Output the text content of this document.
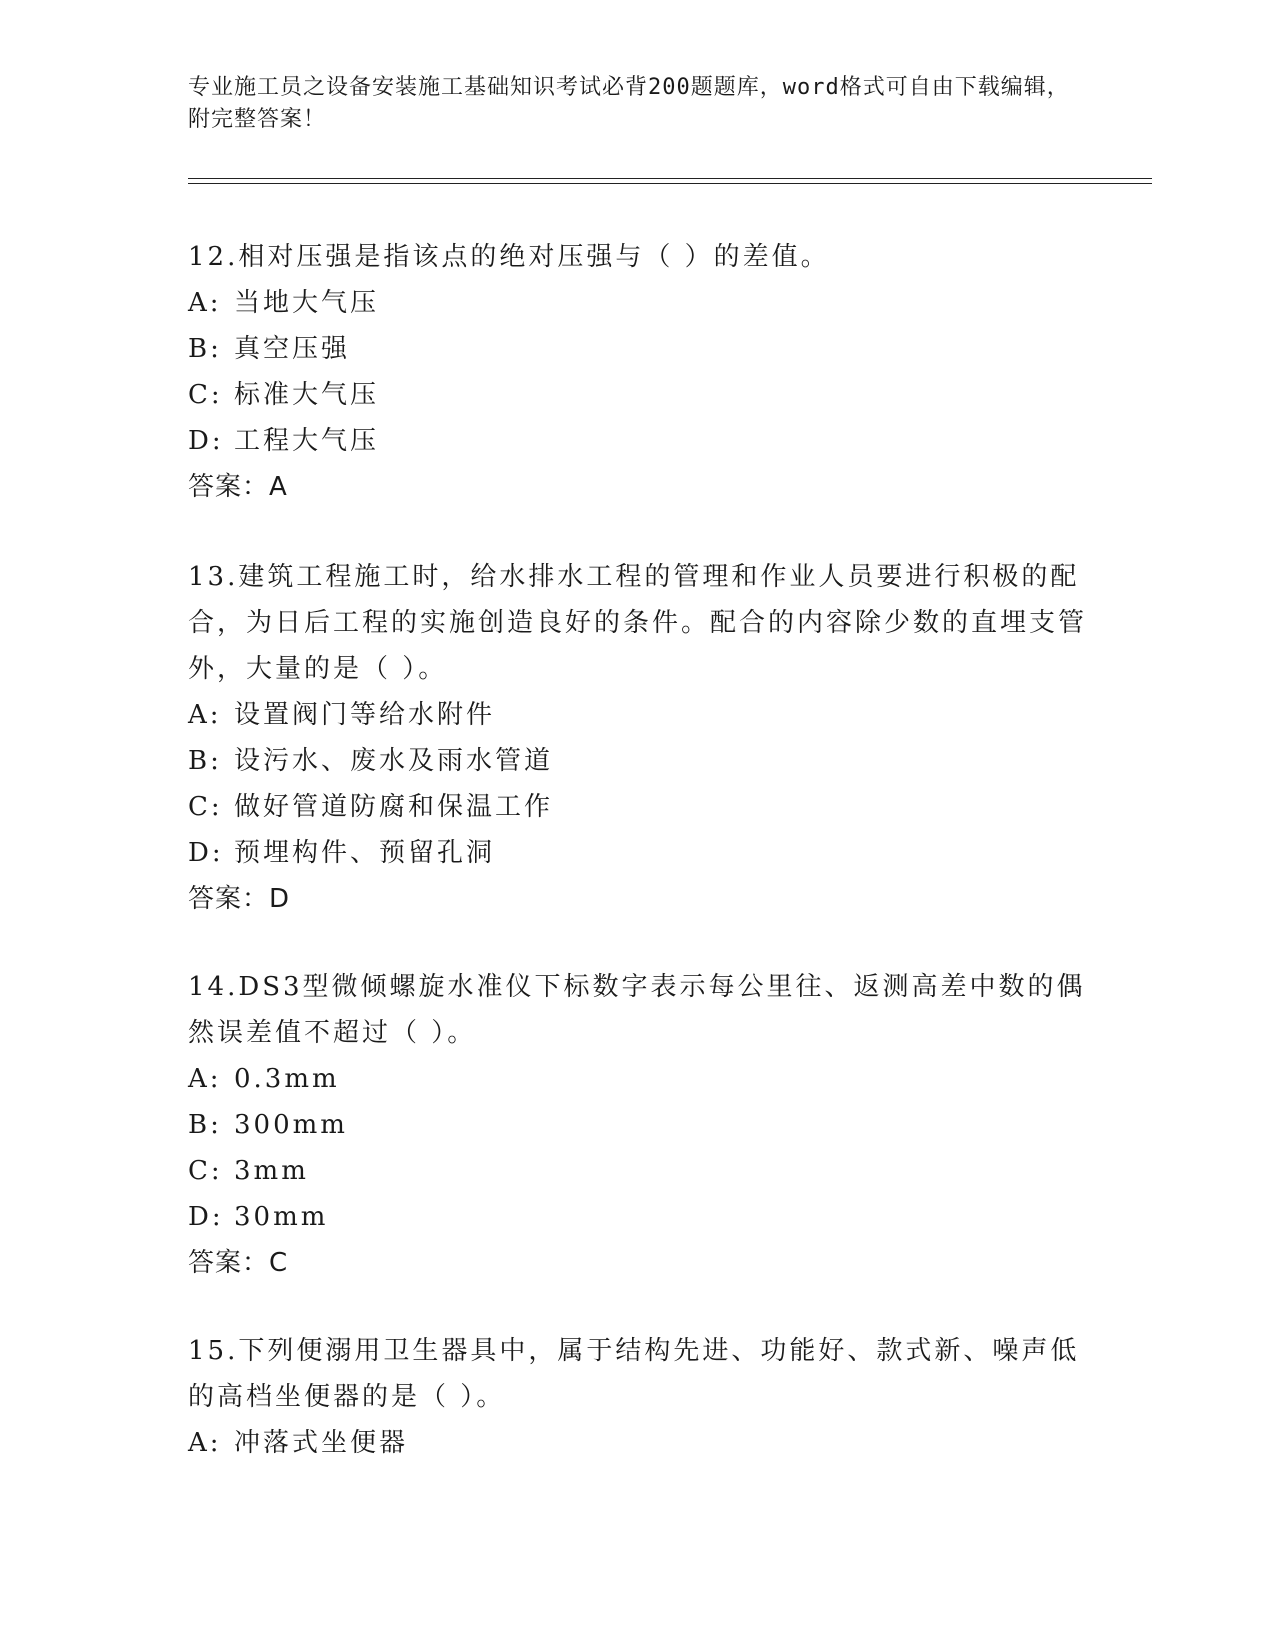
专业施工员之设备安装施工基础知识考试必背200题题库，word格式可自由下载编辑，附完整答案！

12.相对压强是指该点的绝对压强与（ ）的差值。

A: 当地大气压

B: 真空压强

C: 标准大气压

D: 工程大气压

答案：A

13.建筑工程施工时，给水排水工程的管理和作业人员要进行积极的配合，为日后工程的实施创造良好的条件。配合的内容除少数的直埋支管外，大量的是（ ）。

A: 设置阀门等给水附件

B: 设污水、废水及雨水管道

C: 做好管道防腐和保温工作

D: 预埋构件、预留孔洞

答案：D

14.DS3型微倾螺旋水准仪下标数字表示每公里往、返测高差中数的偶然误差值不超过（ ）。

A: 0.3mm

B: 300mm

C: 3mm

D: 30mm

答案：C

15.下列便溺用卫生器具中，属于结构先进、功能好、款式新、噪声低的高档坐便器的是（ ）。

A: 冲落式坐便器
